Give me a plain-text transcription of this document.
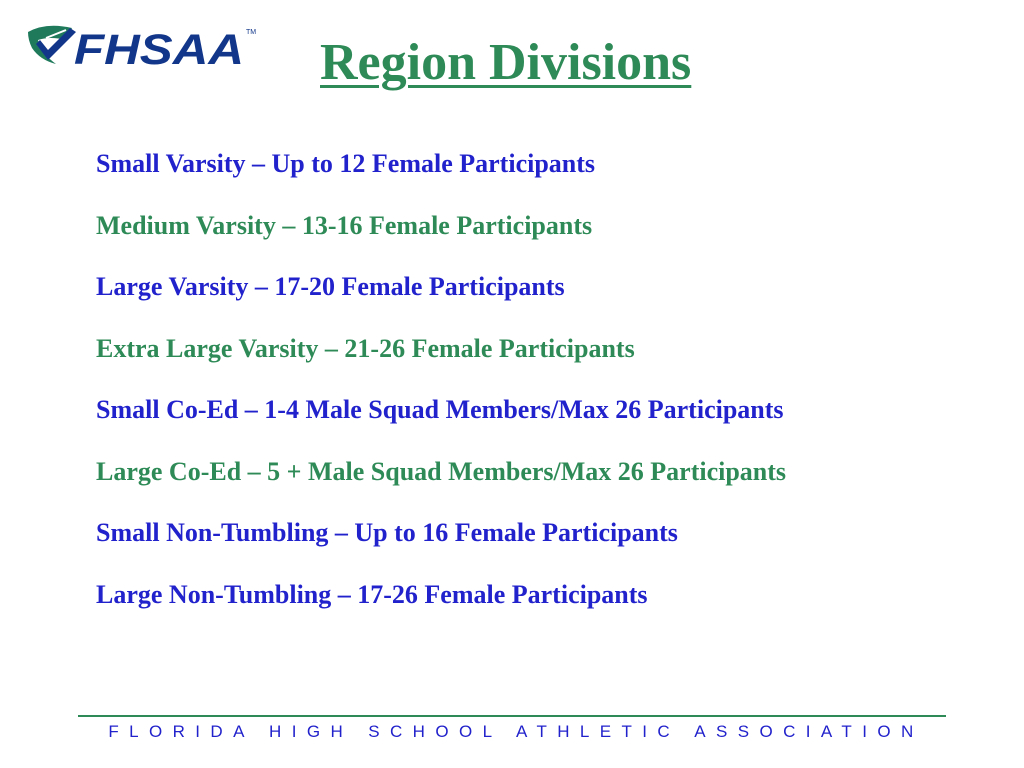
FHSAA TM
Region Divisions
Small Varsity – Up to 12 Female Participants
Medium Varsity – 13-16 Female Participants
Large Varsity – 17-20 Female Participants
Extra Large Varsity – 21-26 Female Participants
Small Co-Ed – 1-4 Male Squad Members/Max 26 Participants
Large Co-Ed – 5 + Male Squad Members/Max 26 Participants
Small Non-Tumbling – Up to 16 Female Participants
Large Non-Tumbling – 17-26 Female Participants
FLORIDA HIGH SCHOOL ATHLETIC ASSOCIATION
